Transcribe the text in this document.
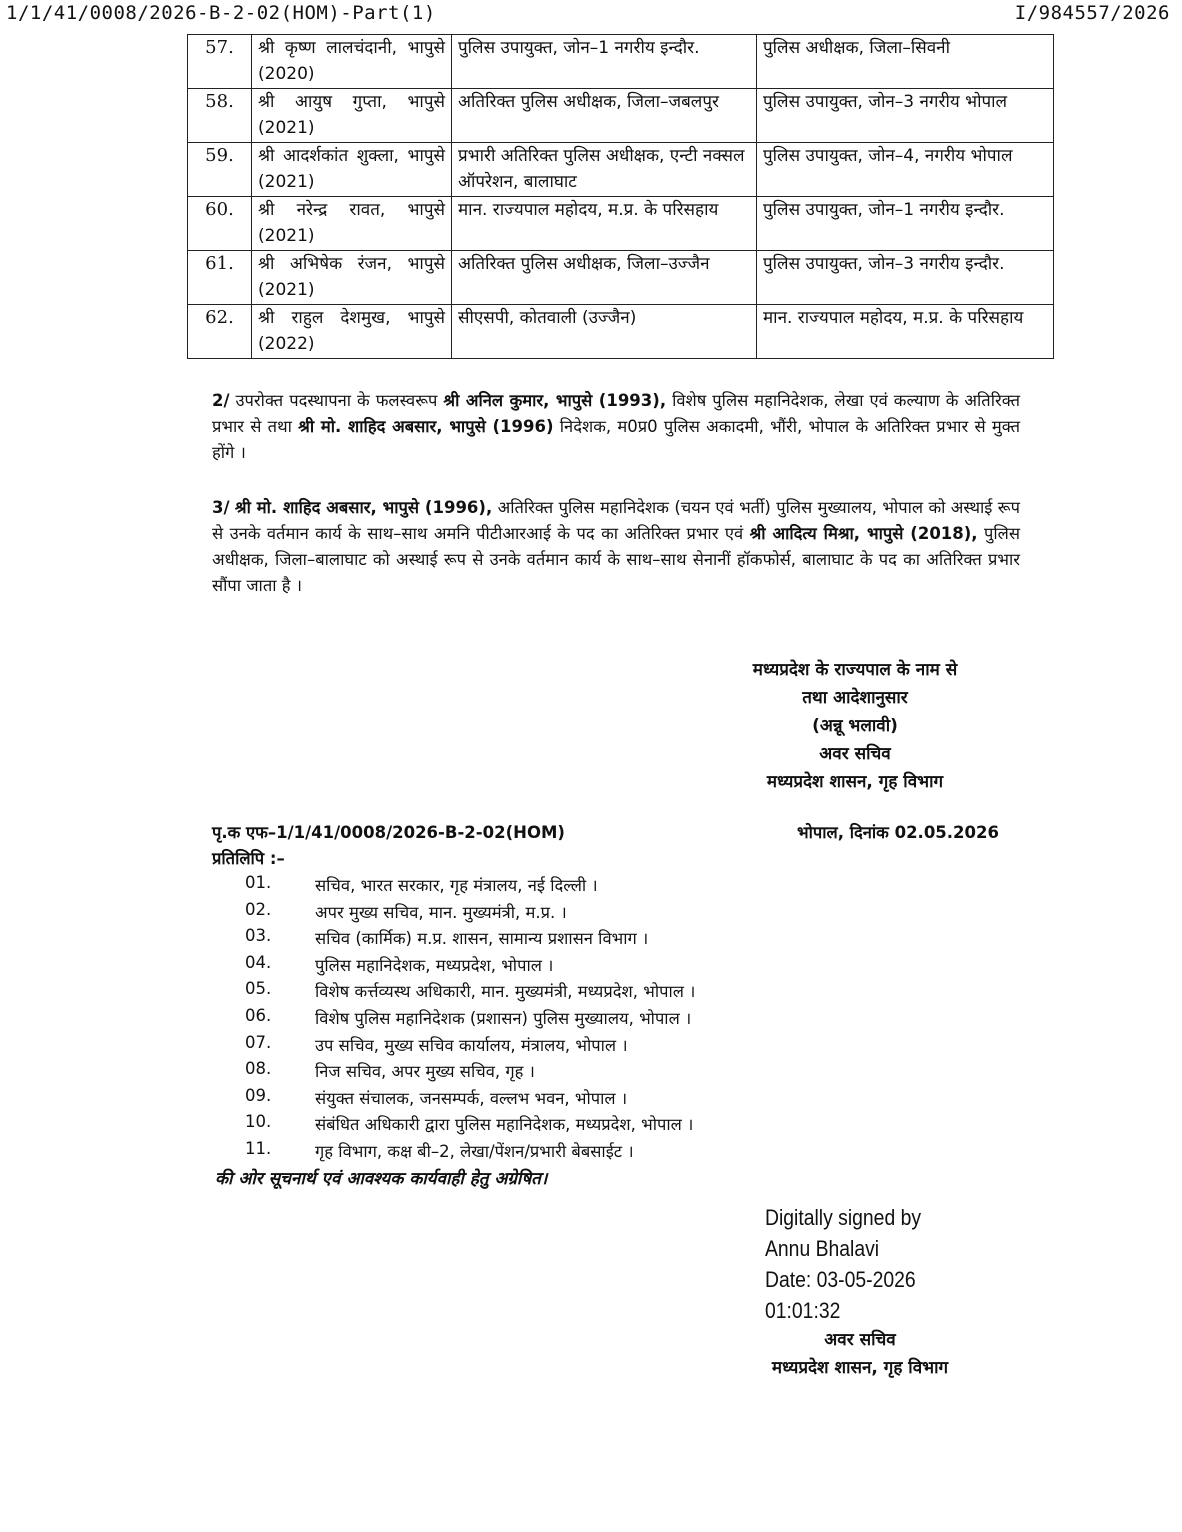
1/1/41/0008/2026-B-2-02(HOM)-Part(1)	I/984557/2026
57.	श्री कृष्ण लालचंदानी, भापुसे (2020)	पुलिस उपायुक्त, जोन–1 नगरीय इन्दौर.	पुलिस अधीक्षक, जिला–सिवनी
58.	श्री आयुष गुप्ता, भापुसे (2021)	अतिरिक्त पुलिस अधीक्षक, जिला–जबलपुर	पुलिस उपायुक्त, जोन–3 नगरीय भोपाल
59.	श्री आदर्शकांत शुक्ला, भापुसे (2021)	प्रभारी अतिरिक्त पुलिस अधीक्षक, एन्टी नक्सल ऑपरेशन, बालाघाट	पुलिस उपायुक्त, जोन–4, नगरीय भोपाल
60.	श्री नरेन्द्र रावत, भापुसे (2021)	मान. राज्यपाल महोदय, म.प्र. के परिसहाय	पुलिस उपायुक्त, जोन–1 नगरीय इन्दौर.
61.	श्री अभिषेक रंजन, भापुसे (2021)	अतिरिक्त पुलिस अधीक्षक, जिला–उज्जैन	पुलिस उपायुक्त, जोन–3 नगरीय इन्दौर.
62.	श्री राहुल देशमुख, भापुसे (2022)	सीएसपी, कोतवाली (उज्जैन)	मान. राज्यपाल महोदय, म.प्र. के परिसहाय

2/ उपरोक्त पदस्थापना के फलस्वरूप श्री अनिल कुमार, भापुसे (1993), विशेष पुलिस महानिदेशक, लेखा एवं कल्याण के अतिरिक्त प्रभार से तथा श्री मो. शाहिद अबसार, भापुसे (1996) निदेशक, म0प्र0 पुलिस अकादमी, भौंरी, भोपाल के अतिरिक्त प्रभार से मुक्त होंगे ।

3/ श्री मो. शाहिद अबसार, भापुसे (1996), अतिरिक्त पुलिस महानिदेशक (चयन एवं भर्ती) पुलिस मुख्यालय, भोपाल को अस्थाई रूप से उनके वर्तमान कार्य के साथ–साथ अमनि पीटीआरआई के पद का अतिरिक्त प्रभार एवं श्री आदित्य मिश्रा, भापुसे (2018), पुलिस अधीक्षक, जिला–बालाघाट को अस्थाई रूप से उनके वर्तमान कार्य के साथ–साथ सेनानीं हॉकफोर्स, बालाघाट के पद का अतिरिक्त प्रभार सौंपा जाता है ।

मध्यप्रदेश के राज्यपाल के नाम से
तथा आदेशानुसार
(अन्नू भलावी)
अवर सचिव
मध्यप्रदेश शासन, गृह विभाग
पृ.क एफ–1/1/41/0008/2026-B-2-02(HOM)	भोपाल, दिनांक 02.05.2026
प्रतिलिपि :–
01.	सचिव, भारत सरकार, गृह मंत्रालय, नई दिल्ली ।
02.	अपर मुख्य सचिव, मान. मुख्यमंत्री, म.प्र. ।
03.	सचिव (कार्मिक) म.प्र. शासन, सामान्य प्रशासन विभाग ।
04.	पुलिस महानिदेशक, मध्यप्रदेश, भोपाल ।
05.	विशेष कर्त्तव्यस्थ अधिकारी, मान. मुख्यमंत्री, मध्यप्रदेश, भोपाल ।
06.	विशेष पुलिस महानिदेशक (प्रशासन) पुलिस मुख्यालय, भोपाल ।
07.	उप सचिव, मुख्य सचिव कार्यालय, मंत्रालय, भोपाल ।
08.	निज सचिव, अपर मुख्य सचिव, गृह ।
09.	संयुक्त संचालक, जनसम्पर्क, वल्लभ भवन, भोपाल ।
10.	संबंधित अधिकारी द्वारा पुलिस महानिदेशक, मध्यप्रदेश, भोपाल ।
11.	गृह विभाग, कक्ष बी–2, लेखा/पेंशन/प्रभारी बेबसाईट ।
की ओर सूचनार्थ एवं आवश्यक कार्यवाही हेतु अग्रेषित।
Digitally signed by
Annu Bhalavi
Date: 03-05-2026
01:01:32
अवर सचिव
मध्यप्रदेश शासन, गृह विभाग
